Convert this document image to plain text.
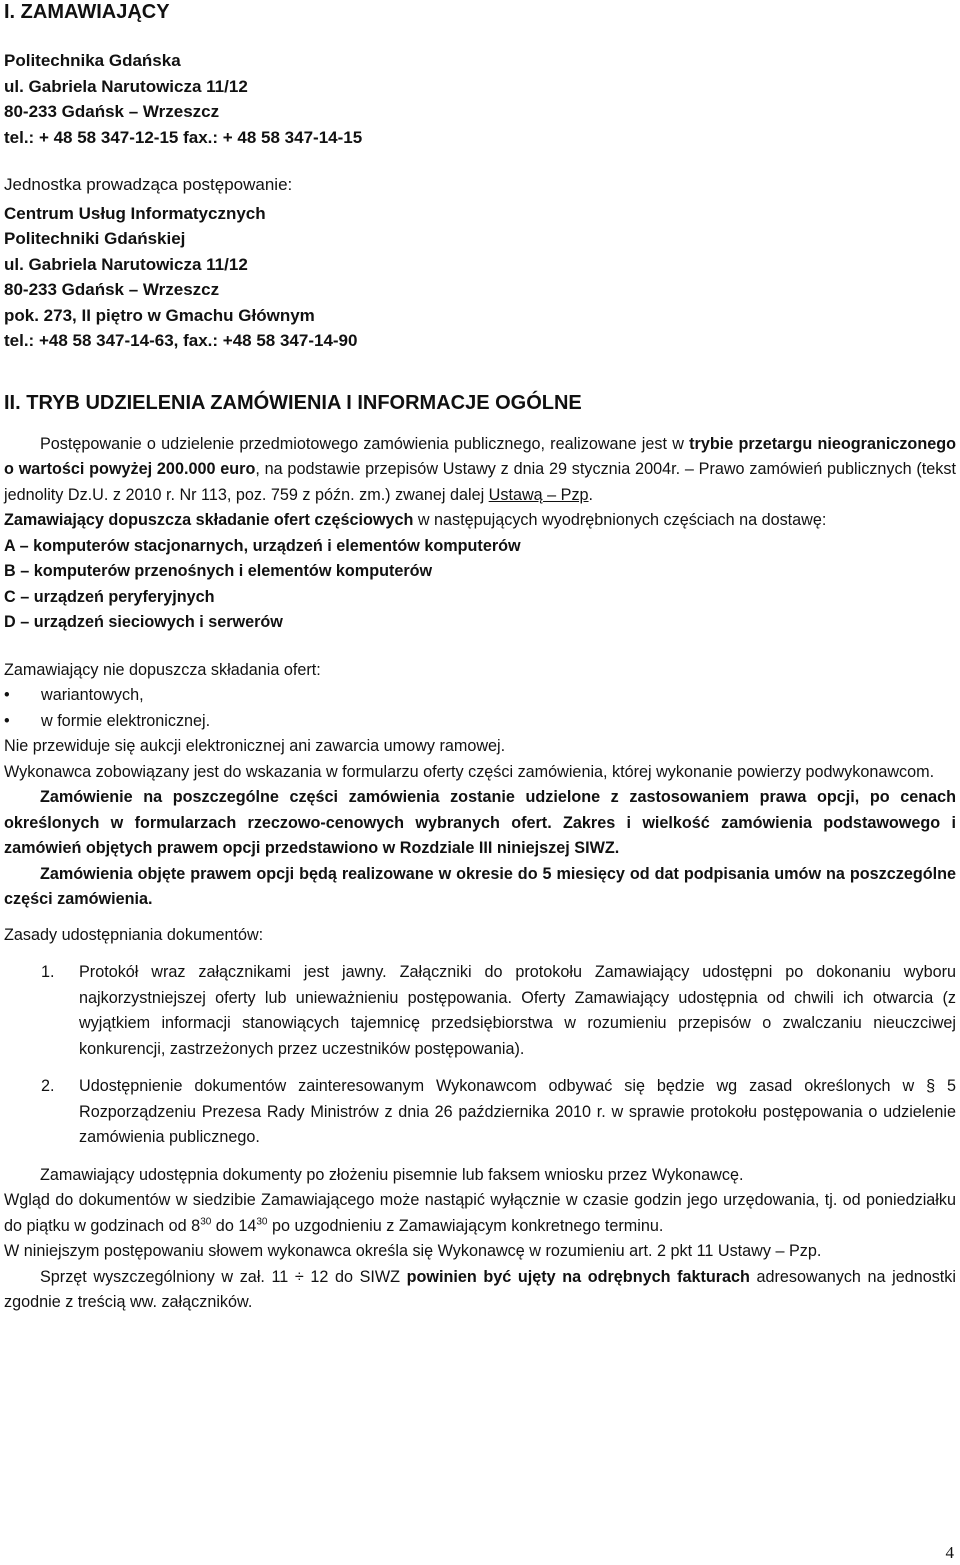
I. ZAMAWIAJĄCY
Politechnika Gdańska
ul. Gabriela Narutowicza 11/12
80-233 Gdańsk – Wrzeszcz
tel.: + 48 58 347-12-15 fax.: + 48 58 347-14-15
Jednostka prowadząca postępowanie:
Centrum Usług Informatycznych
Politechniki Gdańskiej
ul. Gabriela Narutowicza 11/12
80-233 Gdańsk – Wrzeszcz
pok. 273, II piętro w Gmachu Głównym
tel.: +48 58 347-14-63, fax.: +48 58 347-14-90
II. TRYB UDZIELENIA ZAMÓWIENIA I INFORMACJE OGÓLNE

Postępowanie o udzielenie przedmiotowego zamówienia publicznego, realizowane jest w trybie przetargu nieograniczonego o wartości powyżej 200.000 euro, na podstawie przepisów Ustawy z dnia 29 stycznia 2004r. – Prawo zamówień publicznych (tekst jednolity Dz.U. z 2010 r. Nr 113, poz. 759 z późn. zm.) zwanej dalej Ustawą – Pzp.

Zamawiający dopuszcza składanie ofert częściowych w następujących wyodrębnionych częściach na dostawę:

A – komputerów stacjonarnych, urządzeń i elementów komputerów

B – komputerów przenośnych i elementów komputerów

C – urządzeń peryferyjnych

D – urządzeń sieciowych i serwerów

Zamawiający nie dopuszcza składania ofert:

• wariantowych,
• w formie elektronicznej.

Nie przewiduje się aukcji elektronicznej ani zawarcia umowy ramowej.

Wykonawca zobowiązany jest do wskazania w formularzu oferty części zamówienia, której wykonanie powierzy podwykonawcom.

Zamówienie na poszczególne części zamówienia zostanie udzielone z zastosowaniem prawa opcji, po cenach określonych w formularzach rzeczowo-cenowych wybranych ofert. Zakres i wielkość zamówienia podstawowego i zamówień objętych prawem opcji przedstawiono w Rozdziale III niniejszej SIWZ.

Zamówienia objęte prawem opcji będą realizowane w okresie do 5 miesięcy od dat podpisania umów na poszczególne części zamówienia.

Zasady udostępniania dokumentów:

1. Protokół wraz załącznikami jest jawny. Załączniki do protokołu Zamawiający udostępni po dokonaniu wyboru najkorzystniejszej oferty lub unieważnieniu postępowania. Oferty Zamawiający udostępnia od chwili ich otwarcia (z wyjątkiem informacji stanowiących tajemnicę przedsiębiorstwa w rozumieniu przepisów o zwalczaniu nieuczciwej konkurencji, zastrzeżonych przez uczestników postępowania).
2. Udostępnienie dokumentów zainteresowanym Wykonawcom odbywać się będzie wg zasad określonych w § 5 Rozporządzeniu Prezesa Rady Ministrów z dnia 26 października 2010 r. w sprawie protokołu postępowania o udzielenie zamówienia publicznego.

Zamawiający udostępnia dokumenty po złożeniu pisemnie lub faksem wniosku przez Wykonawcę.

Wgląd do dokumentów w siedzibie Zamawiającego może nastąpić wyłącznie w czasie godzin jego urzędowania, tj. od poniedziałku do piątku w godzinach od $8^{30}$ do $14^{30}$ po uzgodnieniu z Zamawiającym konkretnego terminu.

W niniejszym postępowaniu słowem wykonawca określa się Wykonawcę w rozumieniu art. 2 pkt 11 Ustawy – Pzp.

Sprzęt wyszczególniony w zał. 11 ÷ 12 do SIWZ powinien być ujęty na odrębnych fakturach adresowanych na jednostki zgodnie z treścią ww. załączników.

4
